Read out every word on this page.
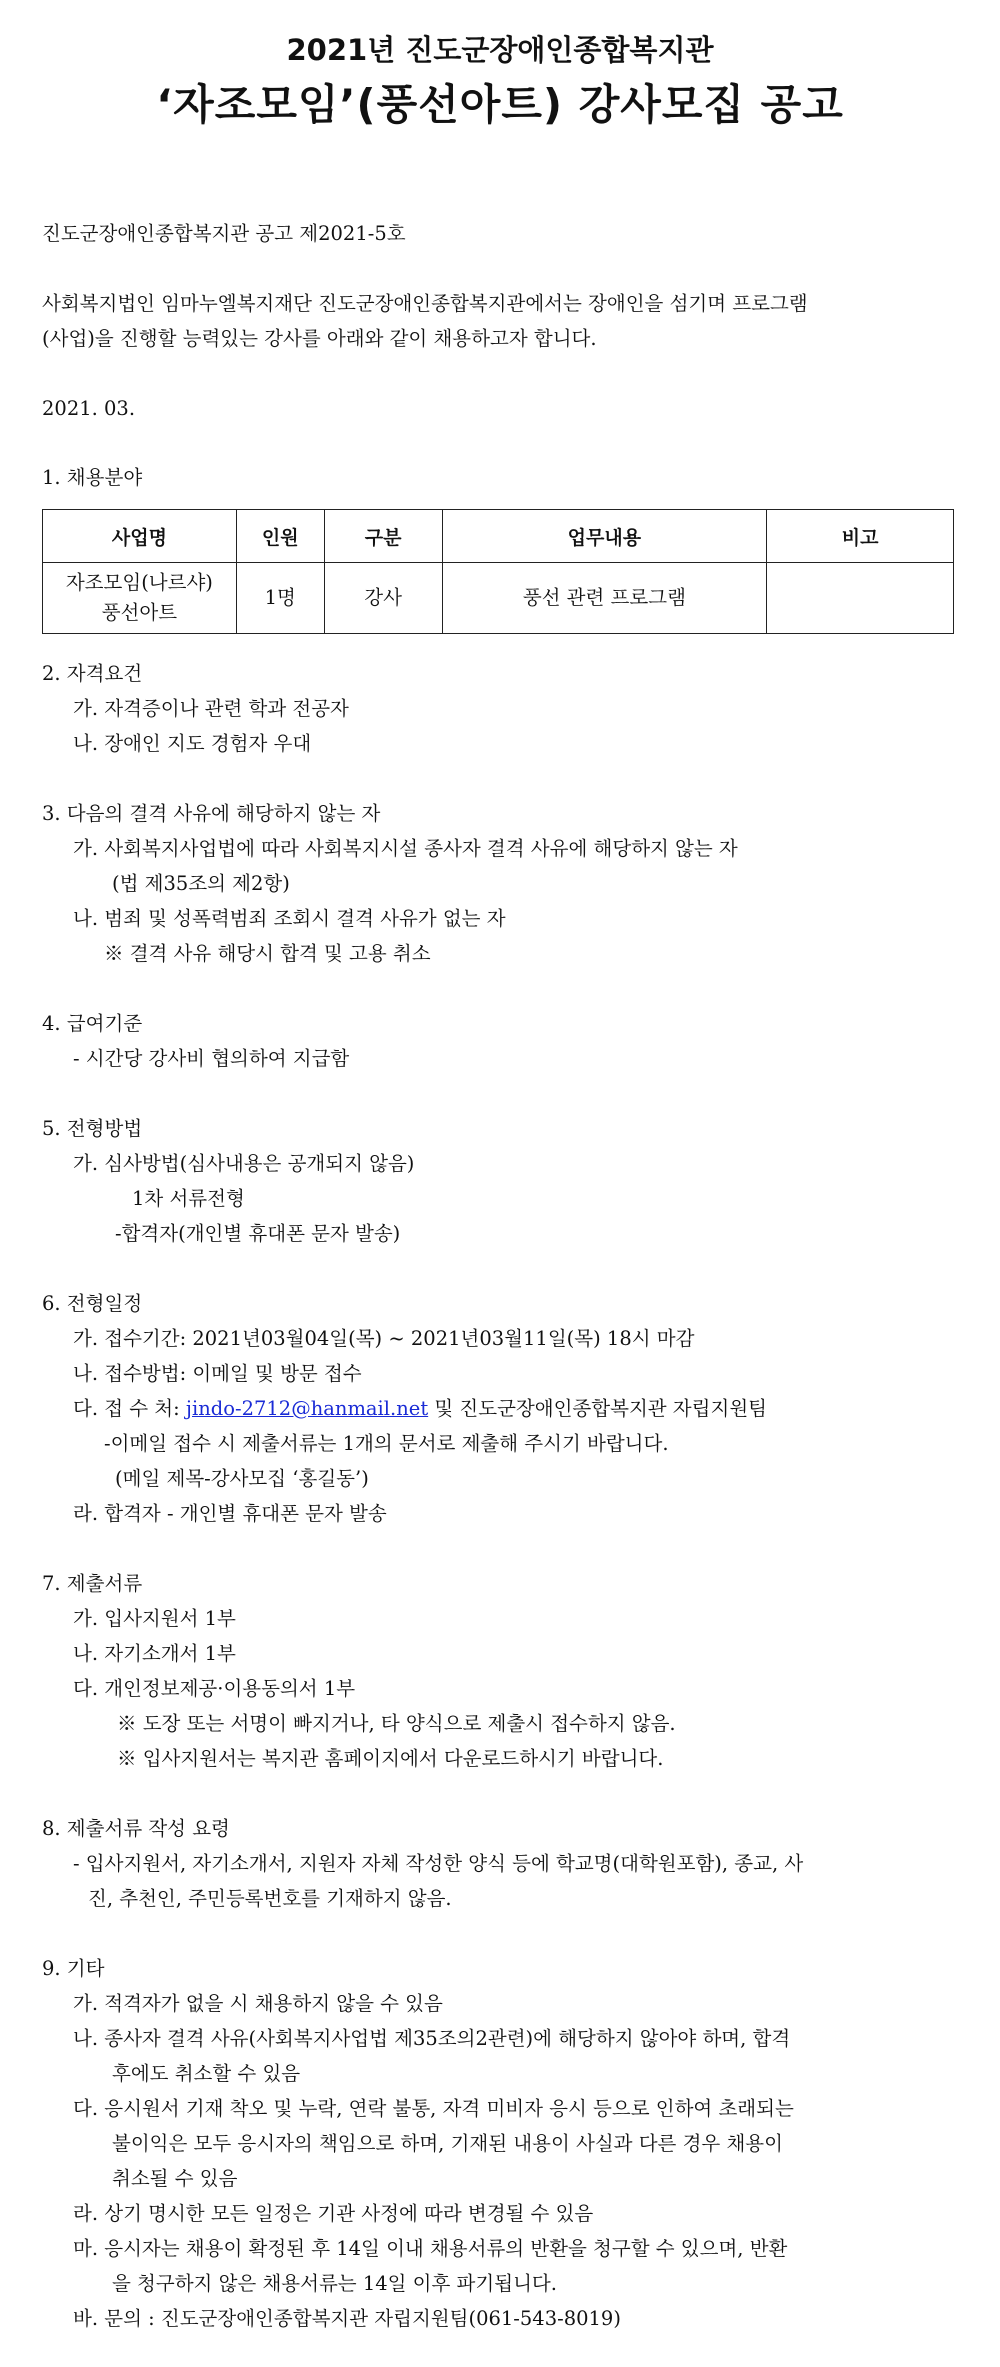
2021년 진도군장애인종합복지관
‘자조모임’(풍선아트) 강사모집 공고
진도군장애인종합복지관 공고 제2021-5호
사회복지법인 임마누엘복지재단 진도군장애인종합복지관에서는 장애인을 섬기며 프로그램
(사업)을 진행할 능력있는 강사를 아래와 같이 채용하고자 합니다.
2021. 03.
1. 채용분야
사업명	인원	구분	업무내용	비고

자조모임(나르샤)
풍선아트	1명	강사	풍선 관련 프로그램	
2. 자격요건
가. 자격증이나 관련 학과 전공자
나. 장애인 지도 경험자 우대
3. 다음의 결격 사유에 해당하지 않는 자
가. 사회복지사업법에 따라 사회복지시설 종사자 결격 사유에 해당하지 않는 자
(법 제35조의 제2항)
나. 범죄 및 성폭력범죄 조회시 결격 사유가 없는 자
※ 결격 사유 해당시 합격 및 고용 취소
4. 급여기준
- 시간당 강사비 협의하여 지급함
5. 전형방법
가. 심사방법(심사내용은 공개되지 않음)
1차 서류전형
-합격자(개인별 휴대폰 문자 발송)
6. 전형일정
가. 접수기간: 2021년03월04일(목) ~ 2021년03월11일(목) 18시 마감
나. 접수방법: 이메일 및 방문 접수
다. 접 수 처: jindo-2712@hanmail.net 및 진도군장애인종합복지관 자립지원팀
-이메일 접수 시 제출서류는 1개의 문서로 제출해 주시기 바랍니다.
(메일 제목-강사모집 ‘홍길동’)
라. 합격자 - 개인별 휴대폰 문자 발송
7. 제출서류
가. 입사지원서 1부
나. 자기소개서 1부
다. 개인정보제공·이용동의서 1부
※ 도장 또는 서명이 빠지거나, 타 양식으로 제출시 접수하지 않음.
※ 입사지원서는 복지관 홈페이지에서 다운로드하시기 바랍니다.
8. 제출서류 작성 요령
- 입사지원서, 자기소개서, 지원자 자체 작성한 양식 등에 학교명(대학원포함), 종교, 사
진, 추천인, 주민등록번호를 기재하지 않음.
9. 기타
가. 적격자가 없을 시 채용하지 않을 수 있음
나. 종사자 결격 사유(사회복지사업법 제35조의2관련)에 해당하지 않아야 하며, 합격
후에도 취소할 수 있음
다. 응시원서 기재 착오 및 누락, 연락 불통, 자격 미비자 응시 등으로 인하여 초래되는
불이익은 모두 응시자의 책임으로 하며, 기재된 내용이 사실과 다른 경우 채용이
취소될 수 있음
라. 상기 명시한 모든 일정은 기관 사정에 따라 변경될 수 있음
마. 응시자는 채용이 확정된 후 14일 이내 채용서류의 반환을 청구할 수 있으며, 반환
을 청구하지 않은 채용서류는 14일 이후 파기됩니다.
바. 문의 : 진도군장애인종합복지관 자립지원팀(061-543-8019)
